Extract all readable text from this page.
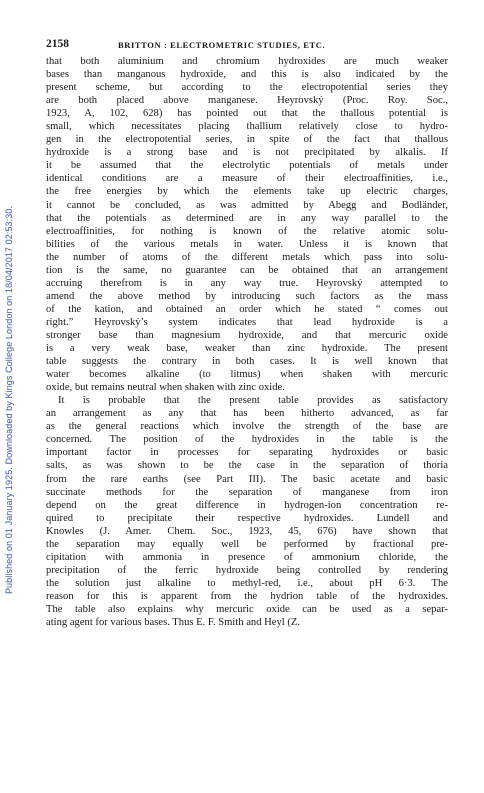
Published on 01 January 1925. Downloaded by Kings College London on 18/04/2017 02:53:30.
2158	BRITTON : ELECTROMETRIC STUDIES, ETC.
that both aluminium and chromium hydroxides are much weaker
bases than manganous hydroxide, and this is also indicated by the
present scheme, but according to the electropotential series they
are both placed above manganese. Heyrovský (Proc. Roy. Soc.,
1923, A, 102, 628) has pointed out that the thallous potential is
small, which necessitates placing thallium relatively close to hydro-
gen in the electropotential series, in spite of the fact that thallous
hydroxide is a strong base and is not precipitated by alkalis. If
it be assumed that the electrolytic potentials of metals under
identical conditions are a measure of their electroaffinities, i.e.,
the free energies by which the elements take up electric charges,
it cannot be concluded, as was admitted by Abegg and Bodländer,
that the potentials as determined are in any way parallel to the
electroaffinities, for nothing is known of the relative atomic solu-
bilities of the various metals in water. Unless it is known that
the number of atoms of the different metals which pass into solu-
tion is the same, no guarantee can be obtained that an arrangement
accruing therefrom is in any way true. Heyrovský attempted to
amend the above method by introducing such factors as the mass
of the kation, and obtained an order which he stated “ comes out
right.” Heyrovský’s system indicates that lead hydroxide is a
stronger base than magnesium hydroxide, and that mercuric oxide
is a very weak base, weaker than zinc hydroxide. The present
table suggests the contrary in both cases. It is well known that
water becomes alkaline (to litmus) when shaken with mercuric
oxide, but remains neutral when shaken with zinc oxide.
It is probable that the present table provides as satisfactory
an arrangement as any that has been hitherto advanced, as far
as the general reactions which involve the strength of the base are
concerned. The position of the hydroxides in the table is the
important factor in processes for separating hydroxides or basic
salts, as was shown to be the case in the separation of thoria
from the rare earths (see Part III). The basic acetate and basic
succinate methods for the separation of manganese from iron
depend on the great difference in hydrogen-ion concentration re-
quired to precipitate their respective hydroxides. Lundell and
Knowles (J. Amer. Chem. Soc., 1923, 45, 676) have shown that
the separation may equally well be performed by fractional pre-
cipitation with ammonia in presence of ammonium chloride, the
precipitation of the ferric hydroxide being controlled by rendering
the solution just alkaline to methyl-red, i.e., about pH 6·3. The
reason for this is apparent from the hydrion table of the hydroxides.
The table also explains why mercuric oxide can be used as a separ-
ating agent for various bases. Thus E. F. Smith and Heyl (Z.
